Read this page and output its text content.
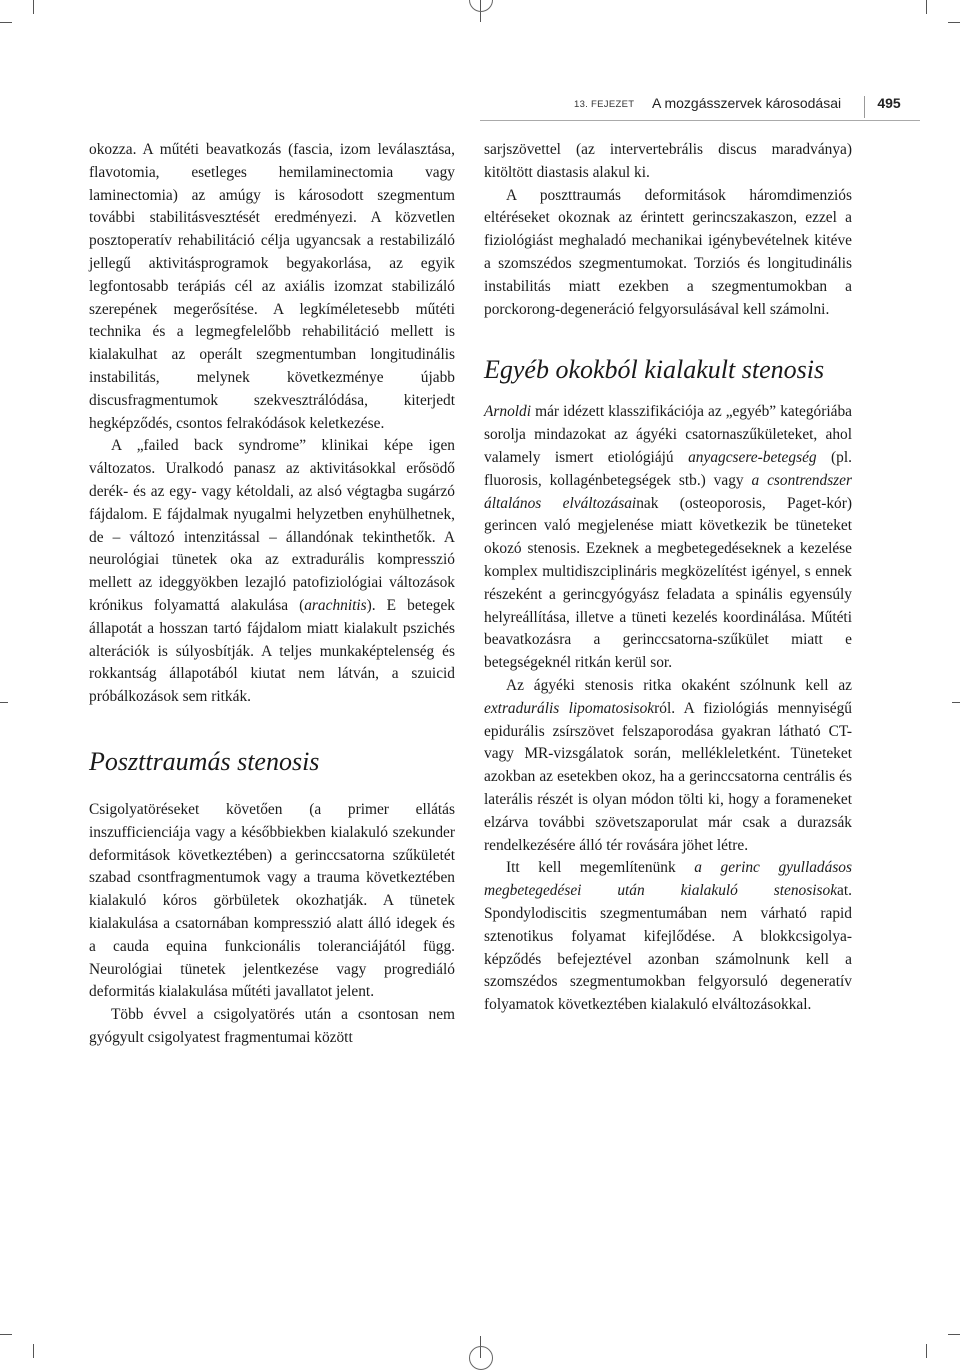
13. FEJEZET A mozgásszervek károsodásai	495

okozza. A műtéti beavatkozás (fascia, izom leválasztása, flavotomia, esetleges hemilaminectomia vagy laminectomia) az amúgy is károsodott szegmentum további stabilitásvesztését eredményezi. A közvetlen posztoperatív rehabilitáció célja ugyancsak a restabilizáló jellegű aktivitásprogramok begyakorlása, az egyik legfontosabb terápiás cél az axiális izomzat stabilizáló szerepének megerősítése. A legkíméletesebb műtéti technika és a legmegfelelőbb rehabilitáció mellett is kialakulhat az operált szegmentumban longitudinális instabilitás, melynek következménye újabb discusfragmentumok szekvesztrálódása, kiterjedt hegképződés, csontos felrakódások keletkezése.

A „failed back syndrome” klinikai képe igen változatos. Uralkodó panasz az aktivitásokkal erősödő derék- és az egy- vagy kétoldali, az alsó végtagba sugárzó fájdalom. E fájdalmak nyugalmi helyzetben enyhülhetnek, de – változó intenzitással – állandónak tekinthetők. A neurológiai tünetek oka az extradurális kompresszió mellett az ideggyökben lezajló patofiziológiai változások krónikus folyamattá alakulása (arachnitis). E betegek állapotát a hosszan tartó fájdalom miatt kialakult pszichés alterációk is súlyosbítják. A teljes munkaképtelenség és rokkantság állapotából kiutat nem látván, a szuicid próbálkozások sem ritkák.

Poszttraumás stenosis

Csigolyatöréseket követően (a primer ellátás inszufficienciája vagy a későbbiekben kialakuló szekunder deformitások következtében) a gerinccsatorna szűkületét szabad csontfragmentumok vagy a trauma következtében kialakuló kóros görbületek okozhatják. A tünetek kialakulása a csatornában kompresszió alatt álló idegek és a cauda equina funkcionális toleranciájától függ. Neurológiai tünetek jelentkezése vagy progrediáló deformitás kialakulása műtéti javallatot jelent.

Több évvel a csigolyatörés után a csontosan nem gyógyult csigolyatest fragmentumai között

sarjszövettel (az intervertebrális discus maradványa) kitöltött diastasis alakul ki.

A poszttraumás deformitások háromdimenziós eltéréseket okoznak az érintett gerincszakaszon, ezzel a fiziológiást meghaladó mechanikai igénybevételnek kitéve a szomszédos szegmentumokat. Torziós és longitudinális instabilitás miatt ezekben a szegmentumokban a porckorong-degeneráció felgyorsulásával kell számolni.

Egyéb okokból kialakult stenosis

Arnoldi már idézett klasszifikációja az „egyéb” kategóriába sorolja mindazokat az ágyéki csatornaszűkületeket, ahol valamely ismert etiológiájú anyagcsere-betegség (pl. fluorosis, kollagénbetegségek stb.) vagy a csontrendszer általános elváltozásainak (osteoporosis, Paget-kór) gerincen való megjelenése miatt következik be tüneteket okozó stenosis. Ezeknek a megbetegedéseknek a kezelése komplex multidiszciplináris megközelítést igényel, s ennek részeként a gerincgyógyász feladata a spinális egyensúly helyreállítása, illetve a tüneti kezelés koordinálása. Műtéti beavatkozásra a gerinccsatorna-szűkület miatt e betegségeknél ritkán kerül sor.

Az ágyéki stenosis ritka okaként szólnunk kell az extradurális lipomatosisokról. A fiziológiás mennyiségű epidurális zsírszövet felszaporodása gyakran látható CT- vagy MR-vizsgálatok során, mellékleletként. Tüneteket azokban az esetekben okoz, ha a gerinccsatorna centrális és laterális részét is olyan módon tölti ki, hogy a forameneket elzárva további szövetszaporulat már csak a durazsák rendelkezésére álló tér rovására jöhet létre.

Itt kell megemlítenünk a gerinc gyulladásos megbetegedései után kialakuló stenosisokat. Spondylodiscitis szegmentumában nem várható rapid sztenotikus folyamat kifejlődése. A blokkcsigolya-képződés befejeztével azonban számolnunk kell a szomszédos szegmentumokban felgyorsuló degeneratív folyamatok következtében kialakuló elváltozásokkal.
